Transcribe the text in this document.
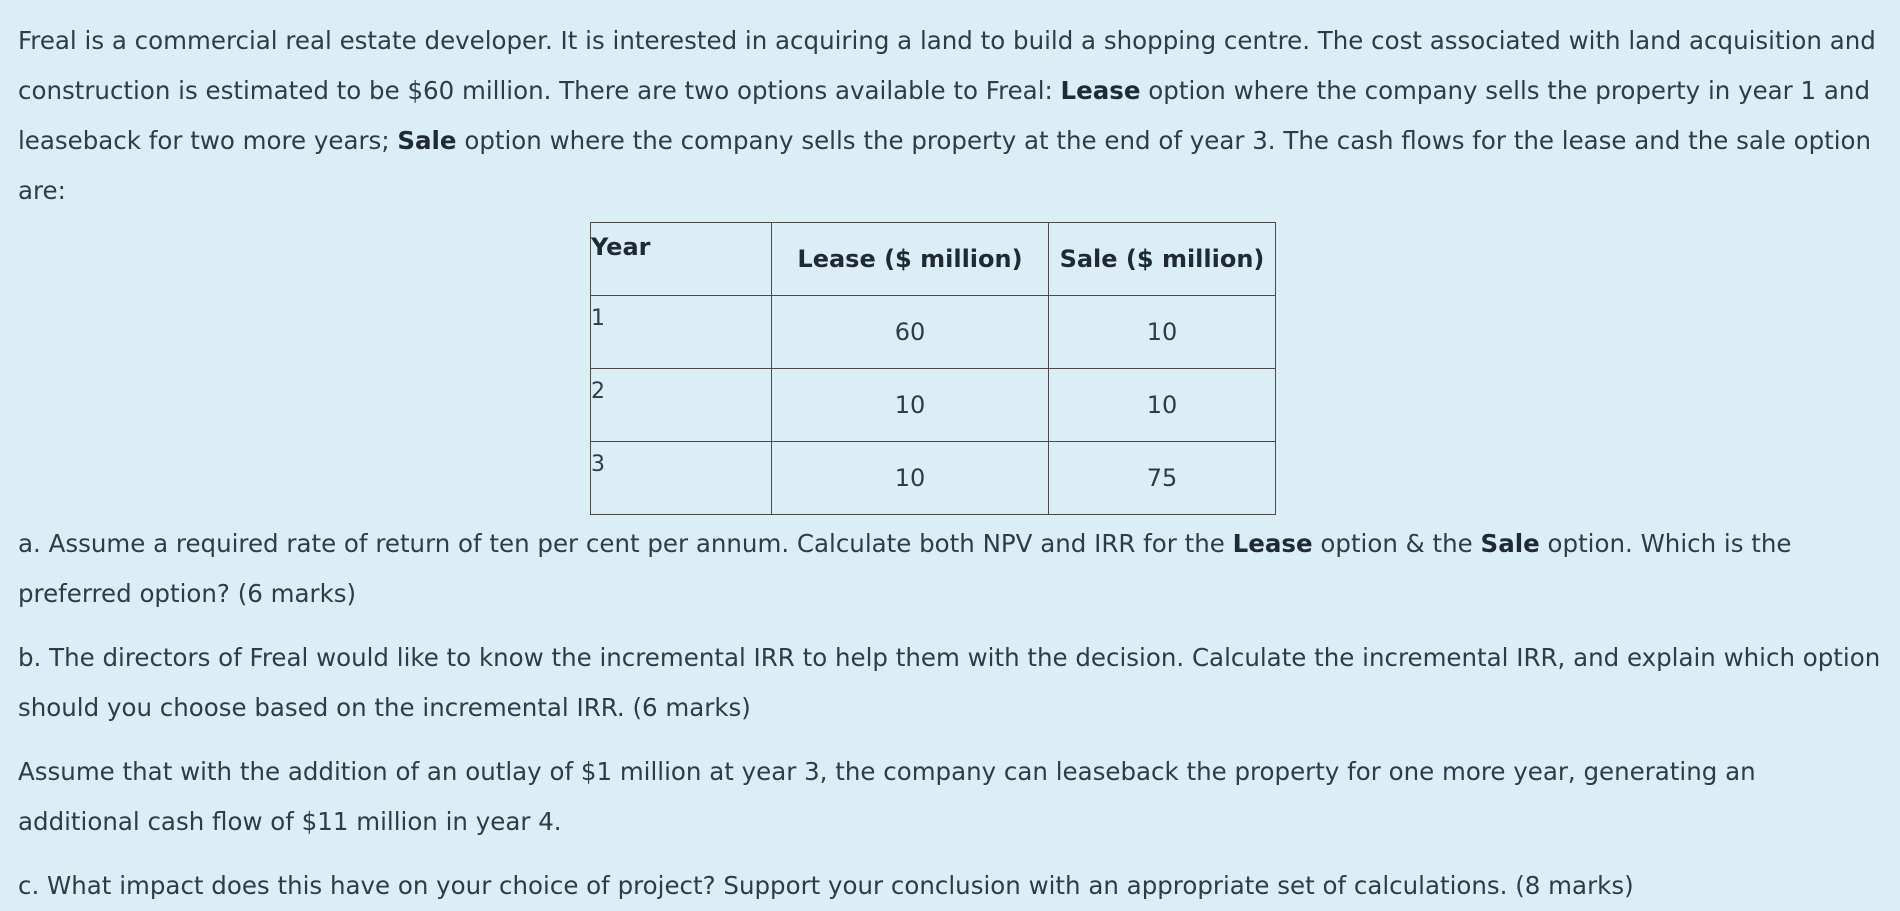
Freal is a commercial real estate developer. It is interested in acquiring a land to build a shopping centre. The cost associated with land acquisition and construction is estimated to be $60 million. There are two options available to Freal: Lease option where the company sells the property in year 1 and leaseback for two more years; Sale option where the company sells the property at the end of year 3. The cash flows for the lease and the sale option are:

Year	Lease ($ million)	Sale ($ million)
1	60	10
2	10	10
3	10	75

a. Assume a required rate of return of ten per cent per annum. Calculate both NPV and IRR for the Lease option & the Sale option. Which is the preferred option? (6 marks)

b. The directors of Freal would like to know the incremental IRR to help them with the decision. Calculate the incremental IRR, and explain which option should you choose based on the incremental IRR. (6 marks)

Assume that with the addition of an outlay of $1 million at year 3, the company can leaseback the property for one more year, generating an additional cash flow of $11 million in year 4.

c. What impact does this have on your choice of project? Support your conclusion with an appropriate set of calculations. (8 marks)
